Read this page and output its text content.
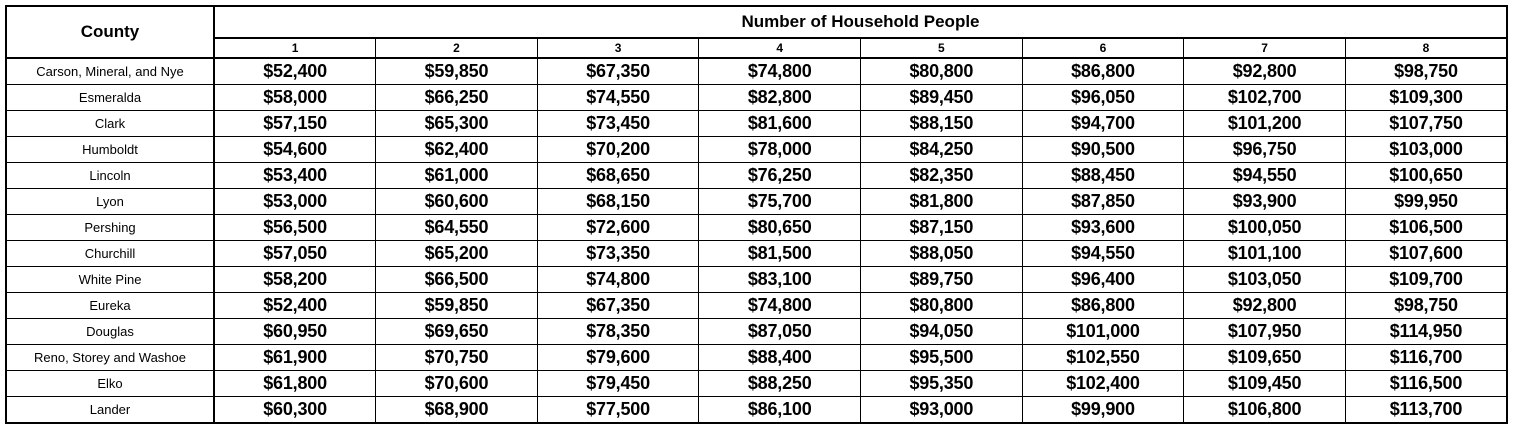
County	Number of Household People							
	1	2	3	4	5	6	7	8
Carson, Mineral, and Nye	$52,400	$59,850	$67,350	$74,800	$80,800	$86,800	$92,800	$98,750
Esmeralda	$58,000	$66,250	$74,550	$82,800	$89,450	$96,050	$102,700	$109,300
Clark	$57,150	$65,300	$73,450	$81,600	$88,150	$94,700	$101,200	$107,750
Humboldt	$54,600	$62,400	$70,200	$78,000	$84,250	$90,500	$96,750	$103,000
Lincoln	$53,400	$61,000	$68,650	$76,250	$82,350	$88,450	$94,550	$100,650
Lyon	$53,000	$60,600	$68,150	$75,700	$81,800	$87,850	$93,900	$99,950
Pershing	$56,500	$64,550	$72,600	$80,650	$87,150	$93,600	$100,050	$106,500
Churchill	$57,050	$65,200	$73,350	$81,500	$88,050	$94,550	$101,100	$107,600
White Pine	$58,200	$66,500	$74,800	$83,100	$89,750	$96,400	$103,050	$109,700
Eureka	$52,400	$59,850	$67,350	$74,800	$80,800	$86,800	$92,800	$98,750
Douglas	$60,950	$69,650	$78,350	$87,050	$94,050	$101,000	$107,950	$114,950
Reno, Storey and Washoe	$61,900	$70,750	$79,600	$88,400	$95,500	$102,550	$109,650	$116,700
Elko	$61,800	$70,600	$79,450	$88,250	$95,350	$102,400	$109,450	$116,500
Lander	$60,300	$68,900	$77,500	$86,100	$93,000	$99,900	$106,800	$113,700
